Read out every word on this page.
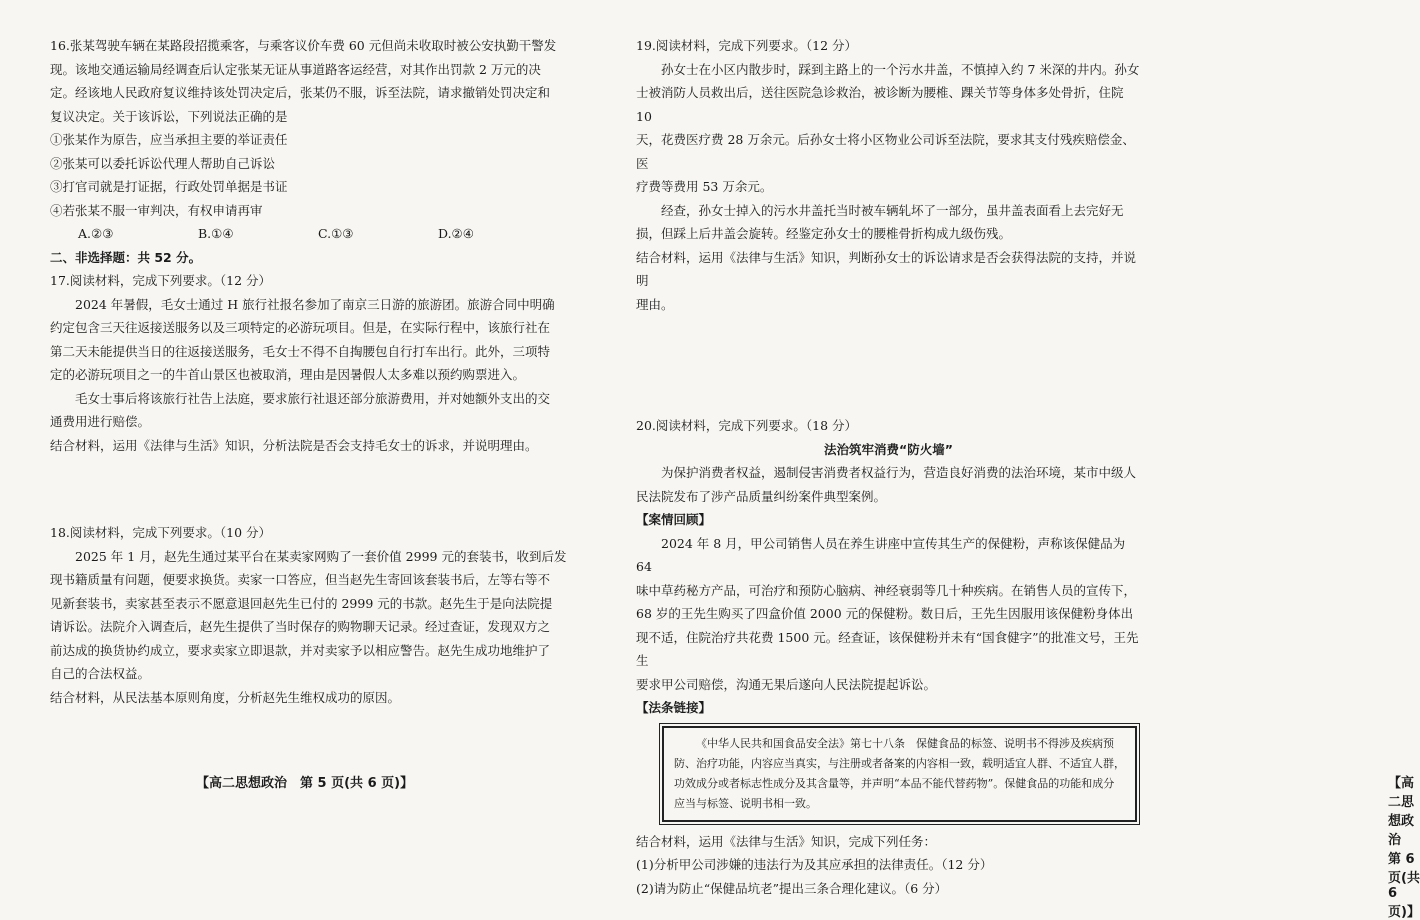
16.张某驾驶车辆在某路段招揽乘客，与乘客议价车费 60 元但尚未收取时被公安执勤干警发

现。该地交通运输局经调查后认定张某无证从事道路客运经营，对其作出罚款 2 万元的决

定。经该地人民政府复议维持该处罚决定后，张某仍不服，诉至法院，请求撤销处罚决定和

复议决定。关于该诉讼，下列说法正确的是

①张某作为原告，应当承担主要的举证责任

②张某可以委托诉讼代理人帮助自己诉讼

③打官司就是打证据，行政处罚单据是书证

④若张某不服一审判决，有权申请再审

A.②③	B.①④	C.①③	D.②④

二、非选择题：共 52 分。

17.阅读材料，完成下列要求。（12 分）

2024 年暑假，毛女士通过 H 旅行社报名参加了南京三日游的旅游团。旅游合同中明确

约定包含三天往返接送服务以及三项特定的必游玩项目。但是，在实际行程中，该旅行社在

第二天未能提供当日的往返接送服务，毛女士不得不自掏腰包自行打车出行。此外，三项特

定的必游玩项目之一的牛首山景区也被取消，理由是因暑假人太多难以预约购票进入。

毛女士事后将该旅行社告上法庭，要求旅行社退还部分旅游费用，并对她额外支出的交

通费用进行赔偿。

结合材料，运用《法律与生活》知识，分析法院是否会支持毛女士的诉求，并说明理由。

18.阅读材料，完成下列要求。（10 分）

2025 年 1 月，赵先生通过某平台在某卖家网购了一套价值 2999 元的套装书，收到后发

现书籍质量有问题，便要求换货。卖家一口答应，但当赵先生寄回该套装书后，左等右等不

见新套装书，卖家甚至表示不愿意退回赵先生已付的 2999 元的书款。赵先生于是向法院提

请诉讼。法院介入调查后，赵先生提供了当时保存的购物聊天记录。经过查证，发现双方之

前达成的换货协约成立，要求卖家立即退款，并对卖家予以相应警告。赵先生成功地维护了

自己的合法权益。

结合材料，从民法基本原则角度，分析赵先生维权成功的原因。

【高二思想政治　第 5 页(共 6 页)】

19.阅读材料，完成下列要求。（12 分）

孙女士在小区内散步时，踩到主路上的一个污水井盖，不慎掉入约 7 米深的井内。孙女

士被消防人员救出后，送往医院急诊救治，被诊断为腰椎、踝关节等身体多处骨折，住院 10

天，花费医疗费 28 万余元。后孙女士将小区物业公司诉至法院，要求其支付残疾赔偿金、医

疗费等费用 53 万余元。

经查，孙女士掉入的污水井盖托当时被车辆轧坏了一部分，虽井盖表面看上去完好无

损，但踩上后井盖会旋转。经鉴定孙女士的腰椎骨折构成九级伤残。

结合材料，运用《法律与生活》知识，判断孙女士的诉讼请求是否会获得法院的支持，并说明

理由。

20.阅读材料，完成下列要求。（18 分）

法治筑牢消费“防火墙”

为保护消费者权益，遏制侵害消费者权益行为，营造良好消费的法治环境，某市中级人

民法院发布了涉产品质量纠纷案件典型案例。

【案情回顾】

2024 年 8 月，甲公司销售人员在养生讲座中宣传其生产的保健粉，声称该保健品为 64

味中草药秘方产品，可治疗和预防心脑病、神经衰弱等几十种疾病。在销售人员的宣传下，

68 岁的王先生购买了四盒价值 2000 元的保健粉。数日后，王先生因服用该保健粉身体出

现不适，住院治疗共花费 1500 元。经查证，该保健粉并未有“国食健字”的批准文号，王先生

要求甲公司赔偿，沟通无果后遂向人民法院提起诉讼。

【法条链接】

《中华人民共和国食品安全法》第七十八条　保健食品的标签、说明书不得涉及疾病预防、治疗功能，内容应当真实，与注册或者备案的内容相一致，载明适宜人群、不适宜人群，功效成分或者标志性成分及其含量等，并声明“本品不能代替药物”。保健食品的功能和成分应当与标签、说明书相一致。

结合材料，运用《法律与生活》知识，完成下列任务：

(1)分析甲公司涉嫌的违法行为及其应承担的法律责任。（12 分）

(2)请为防止“保健品坑老”提出三条合理化建议。（6 分）

【高二思想政治　第 6 页(共 6 页)】
